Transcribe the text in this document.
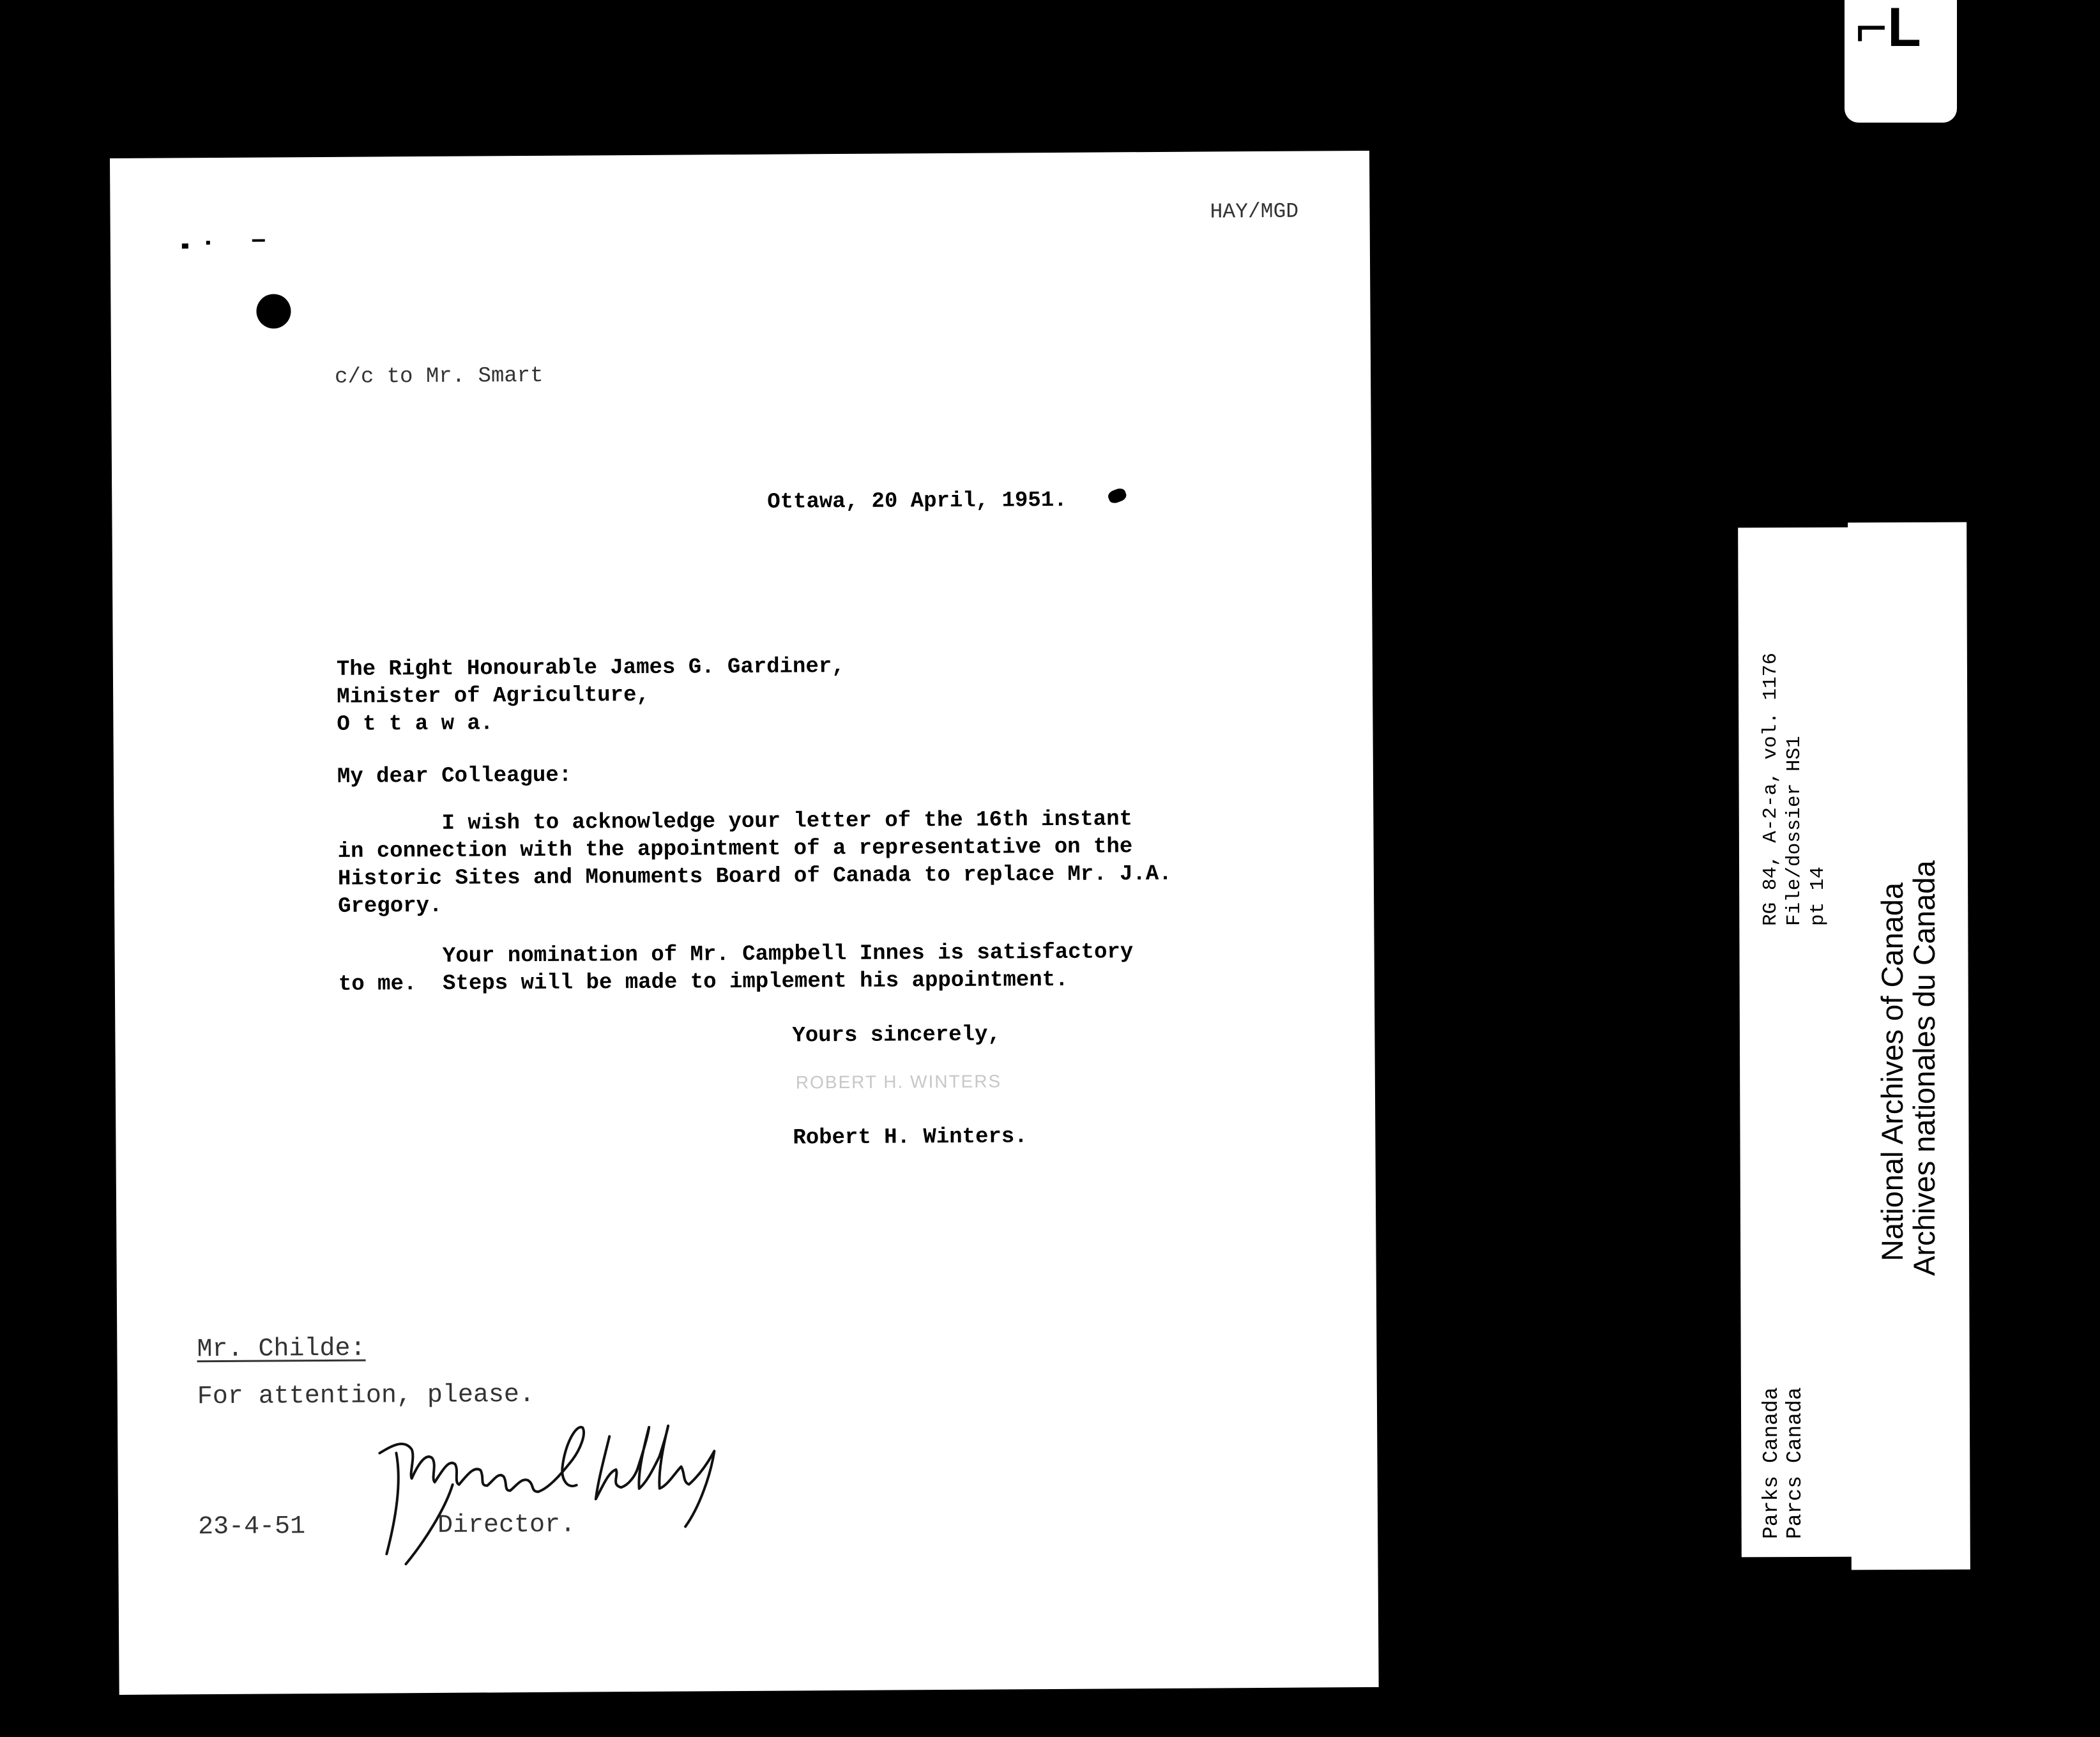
⌐L
HAY/MGD
c/c to Mr. Smart
Ottawa, 20 April, 1951.
The Right Honourable James G. Gardiner,
Minister of Agriculture,
O t t a w a.
My dear Colleague:
I wish to acknowledge your letter of the 16th instant
in connection with the appointment of a representative on the
Historic Sites and Monuments Board of Canada to replace Mr. J.A.
Gregory.
Your nomination of Mr. Campbell Innes is satisfactory
to me.  Steps will be made to implement his appointment.
Yours sincerely,
ROBERT H. WINTERS
Robert H. Winters.
Mr. Childe:
For attention, please.
23-4-51	Director.
RG 84, A-2-a, vol. 1176 File/dossier HS1 pt 14
Parks Canada Parcs Canada
National Archives of Canada
Archives nationales du Canada
